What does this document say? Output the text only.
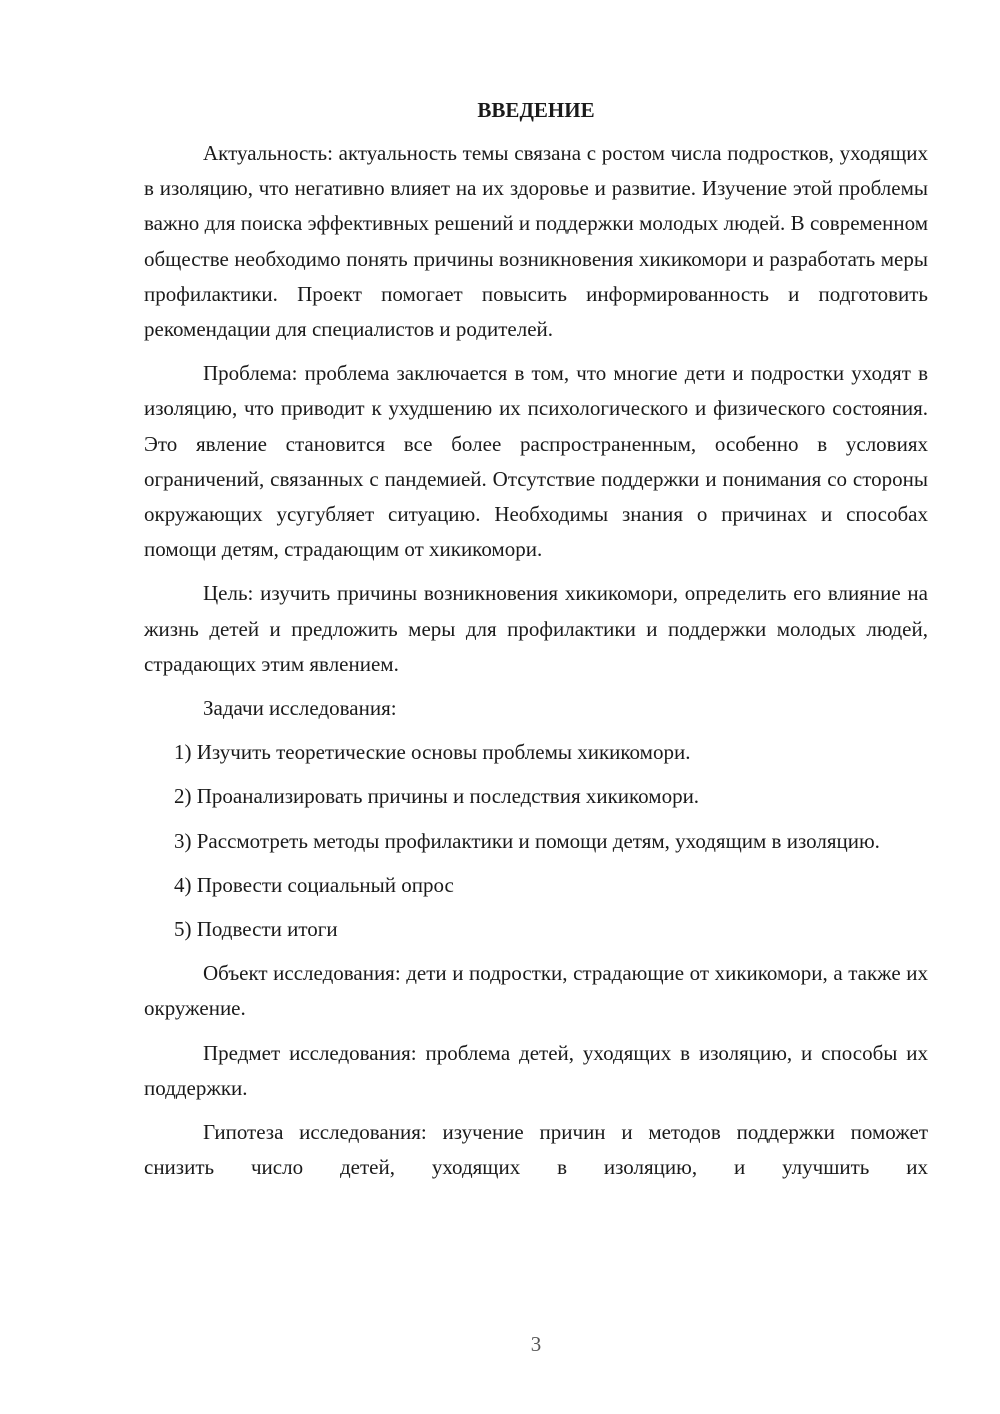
ВВЕДЕНИЕ

Актуальность: актуальность темы связана с ростом числа подростков, уходящих в изоляцию, что негативно влияет на их здоровье и развитие. Изучение этой проблемы важно для поиска эффективных решений и поддержки молодых людей. В современном обществе необходимо понять причины возникновения хикикомори и разработать меры профилактики. Проект помогает повысить информированность и подготовить рекомендации для специалистов и родителей.

Проблема: проблема заключается в том, что многие дети и подростки уходят в изоляцию, что приводит к ухудшению их психологического и физического состояния. Это явление становится все более распространенным, особенно в условиях ограничений, связанных с пандемией. Отсутствие поддержки и понимания со стороны окружающих усугубляет ситуацию. Необходимы знания о причинах и способах помощи детям, страдающим от хикикомори.

Цель: изучить причины возникновения хикикомори, определить его влияние на жизнь детей и предложить меры для профилактики и поддержки молодых людей, страдающих этим явлением.

Задачи исследования:

1) Изучить теоретические основы проблемы хикикомори.

2) Проанализировать причины и последствия хикикомори.

3) Рассмотреть методы профилактики и помощи детям, уходящим в изоляцию.

4) Провести социальный опрос

5) Подвести итоги

Объект исследования: дети и подростки, страдающие от хикикомори, а также их окружение.

Предмет исследования: проблема детей, уходящих в изоляцию, и способы их поддержки.

Гипотеза исследования: изучение причин и методов поддержки поможет снизить число детей, уходящих в изоляцию, и улучшить их

3
